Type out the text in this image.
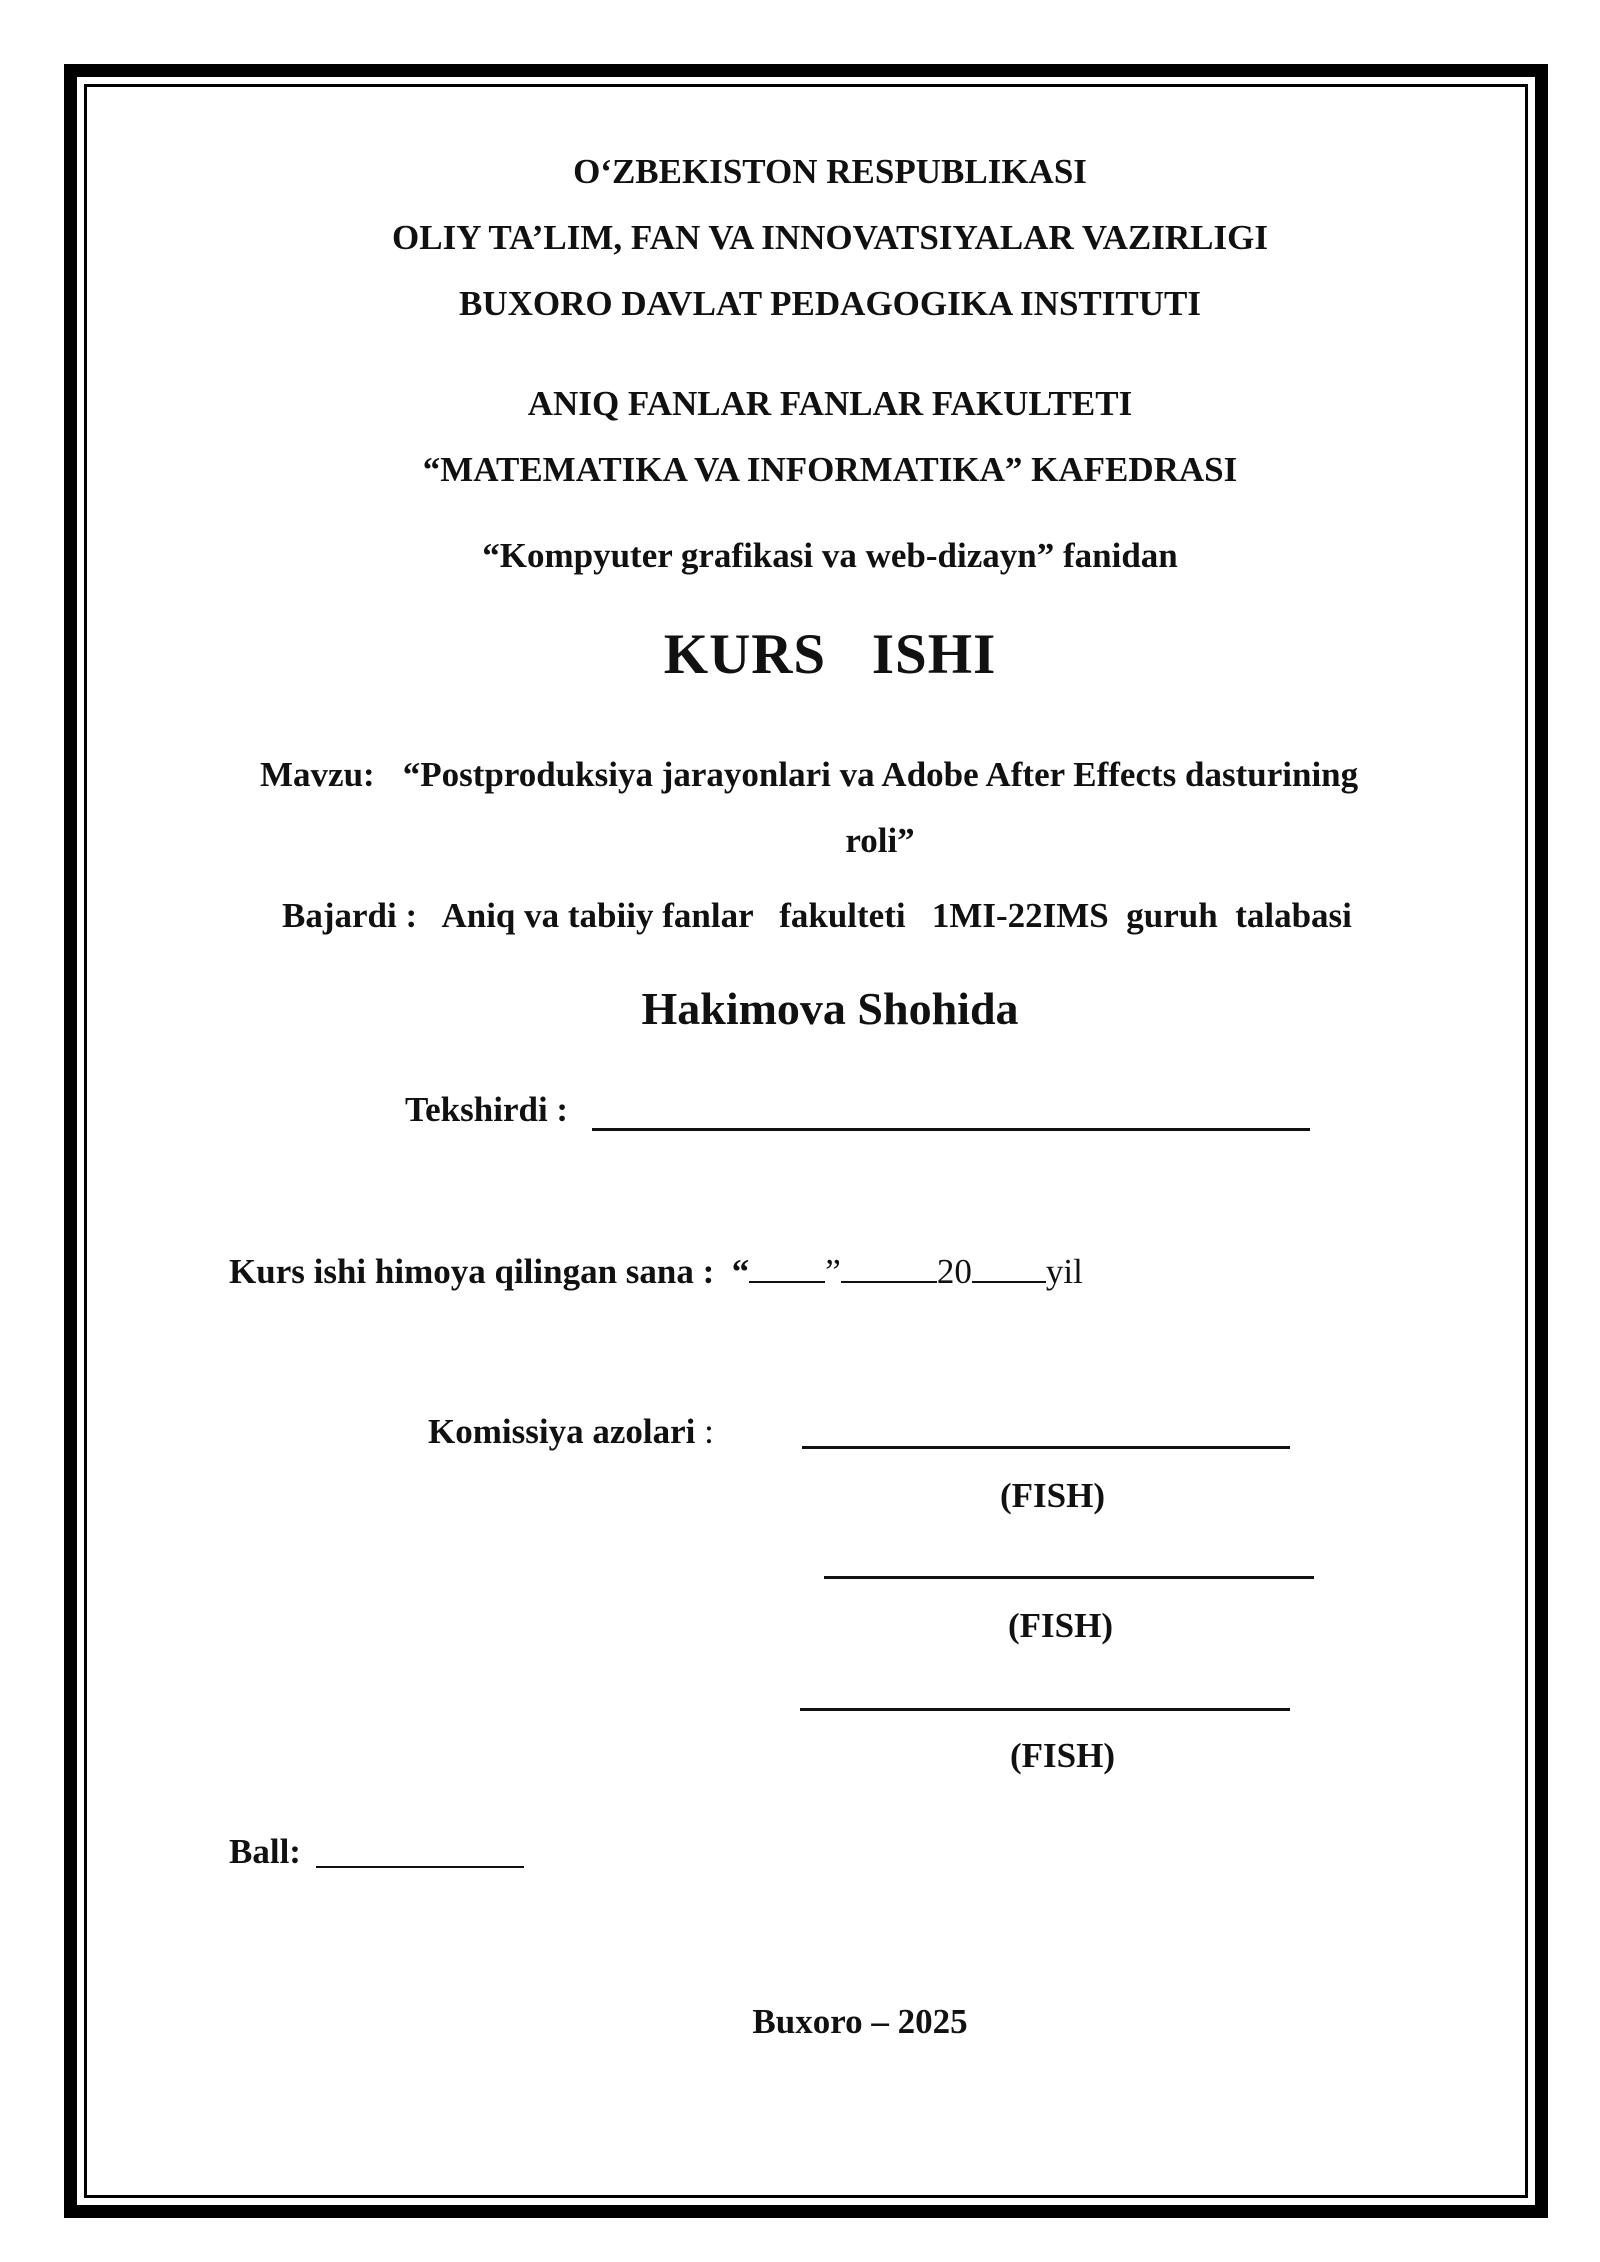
O‘ZBEKISTON RESPUBLIKASI
OLIY TA’LIM, FAN VA INNOVATSIYALAR VAZIRLIGI
BUXORO DAVLAT PEDAGOGIKA INSTITUTI
ANIQ FANLAR FANLAR FAKULTETI
“MATEMATIKA VA INFORMATIKA” KAFEDRASI
“Kompyuter grafikasi va web-dizayn” fanidan
KURS   ISHI
Mavzu: “Postproduksiya jarayonlari va Adobe After Effects dasturining
roli”
Bajardi : Aniq va tabiiy fanlar   fakulteti   1MI-22IMS  guruh  talabasi
Hakimova Shohida
Tekshirdi :
Kurs ishi himoya qilingan sana : “ ”	20 yil
Komissiya azolari :
(FISH)
(FISH)
(FISH)
Ball:
Buxoro – 2025
